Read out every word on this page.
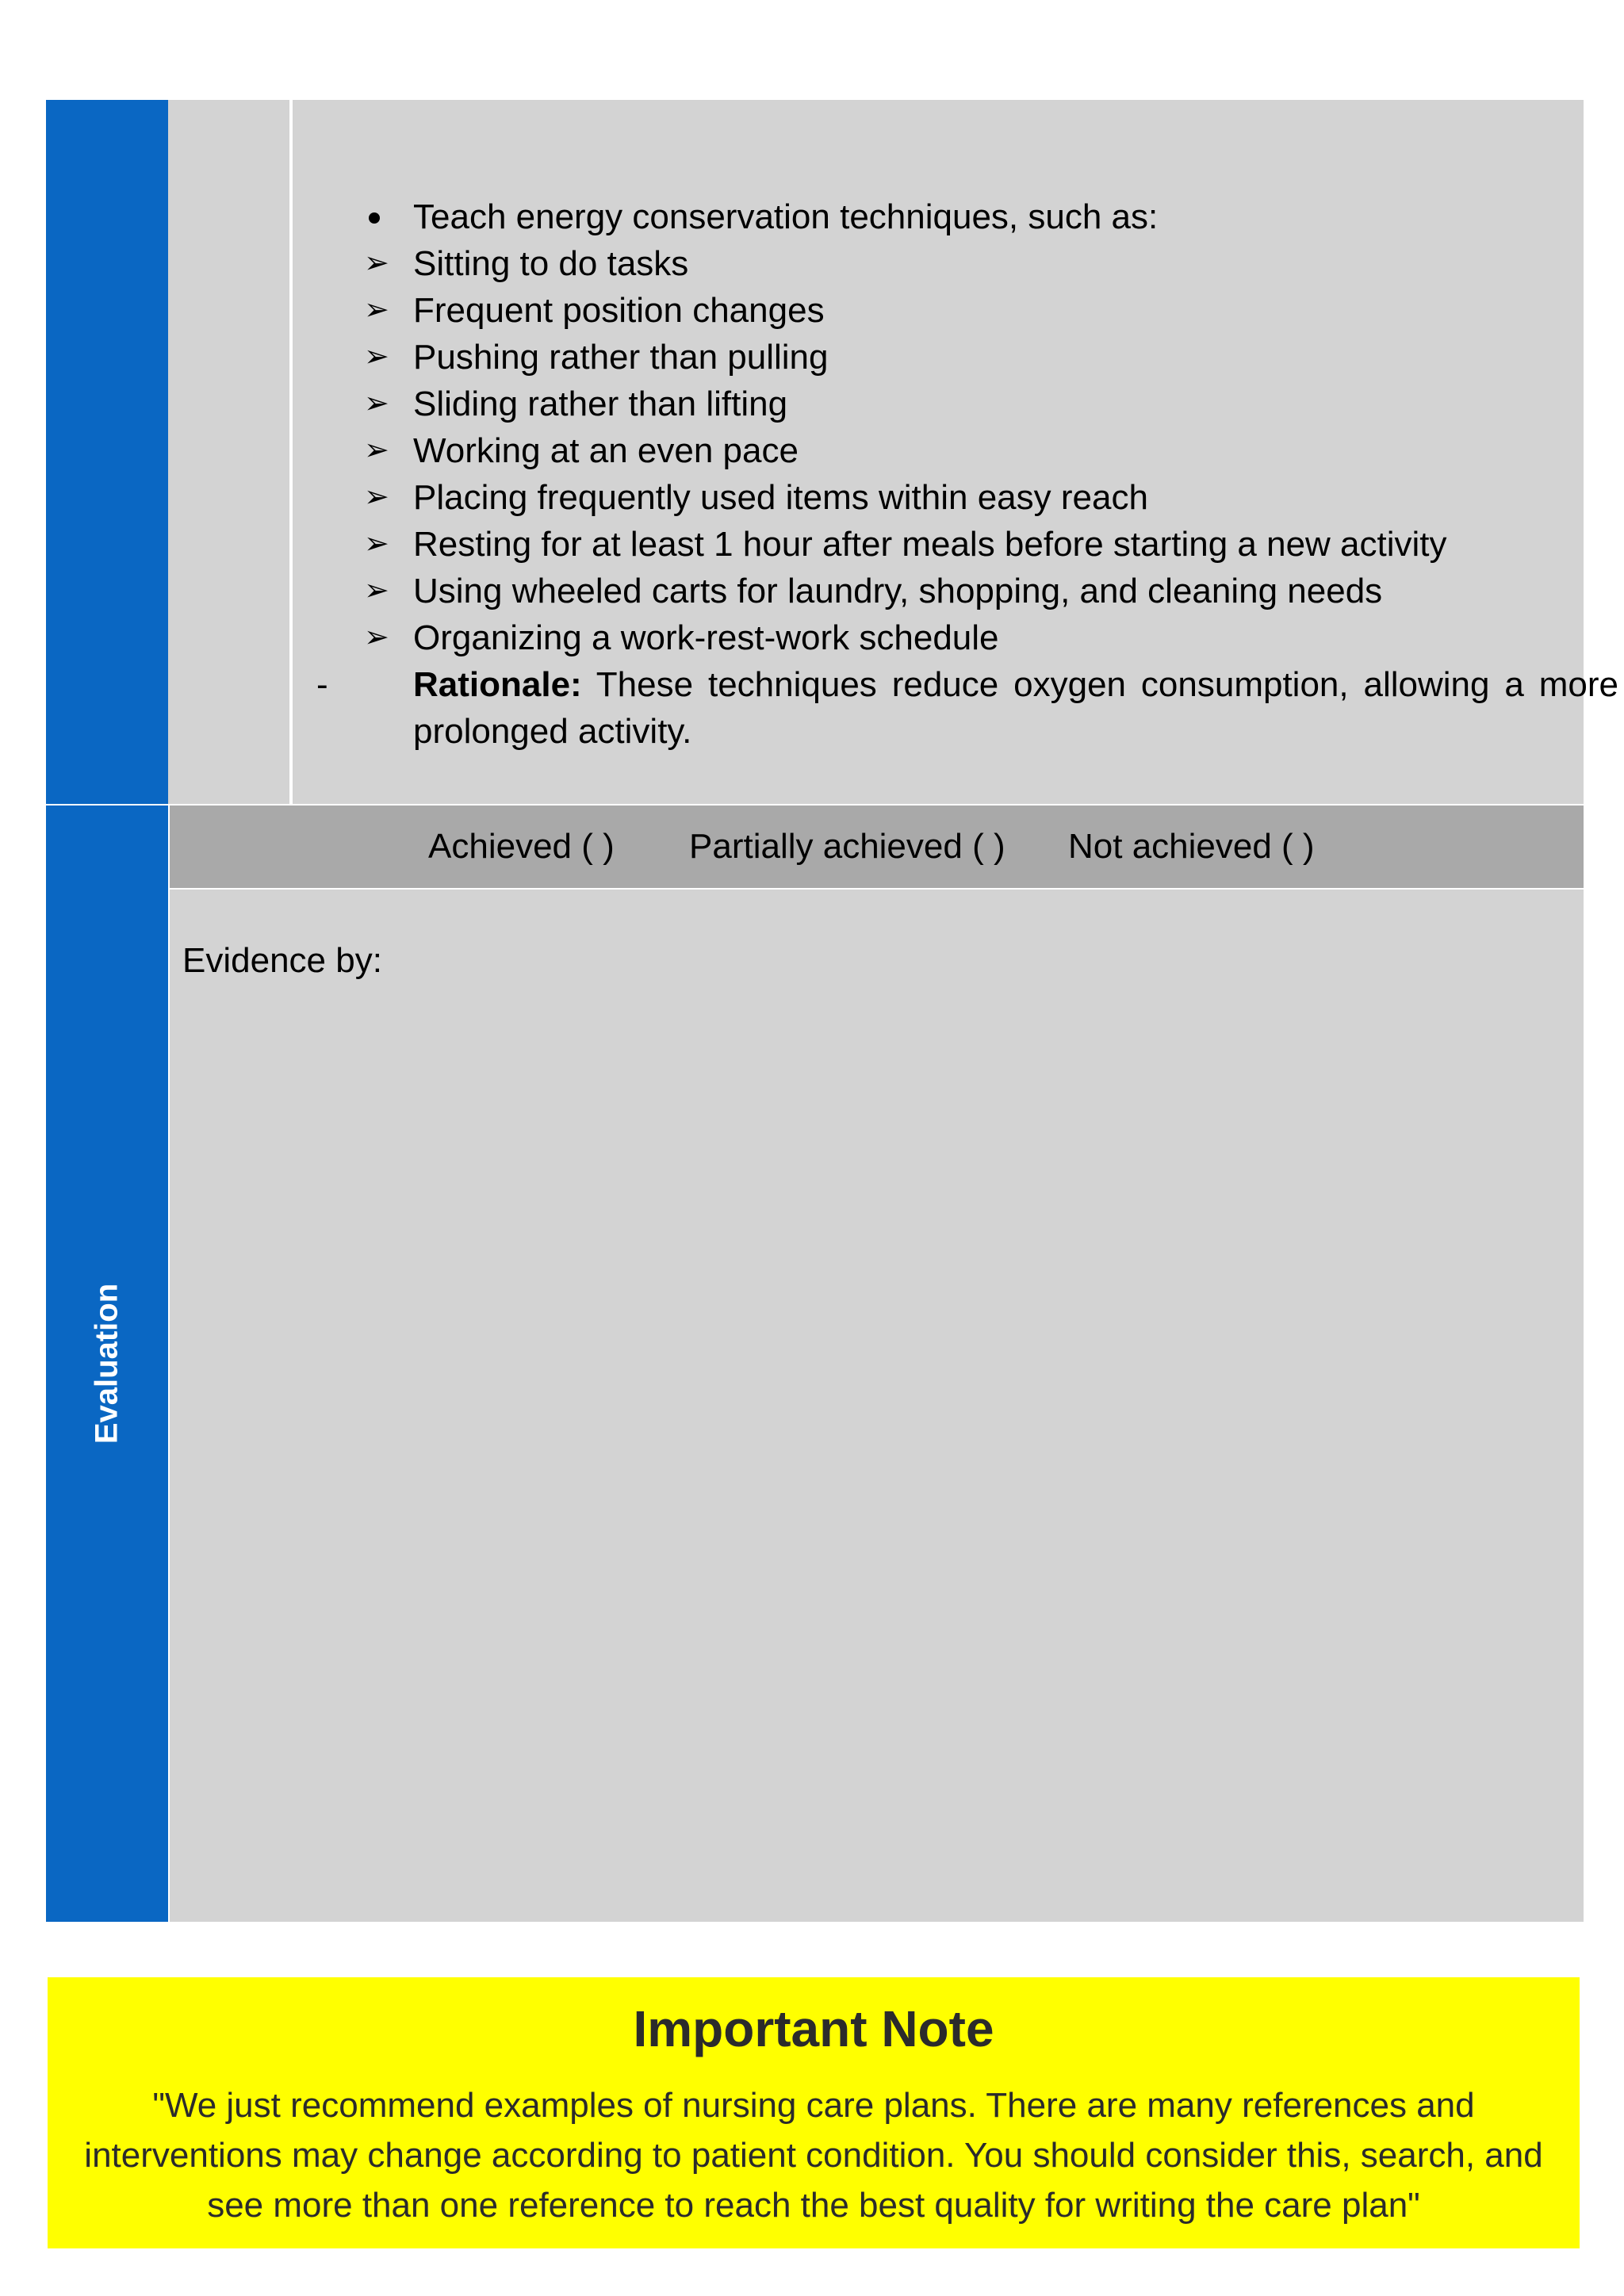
Teach energy conservation techniques, such as:
➢ Sitting to do tasks
➢ Frequent position changes
➢ Pushing rather than pulling
➢ Sliding rather than lifting
➢ Working at an even pace
➢ Placing frequently used items within easy reach
➢ Resting for at least 1 hour after meals before starting a new activity
➢ Using wheeled carts for laundry, shopping, and cleaning needs
➢ Organizing a work-rest-work schedule
- Rationale: These techniques reduce oxygen consumption, allowing a more prolonged activity.
Evaluation
Achieved ( ) Partially achieved ( ) Not achieved ( )
Evidence by:
Important Note
"We just recommend examples of nursing care plans. There are many references and interventions may change according to patient condition. You should consider this, search, and see more than one reference to reach the best quality for writing the care plan"
